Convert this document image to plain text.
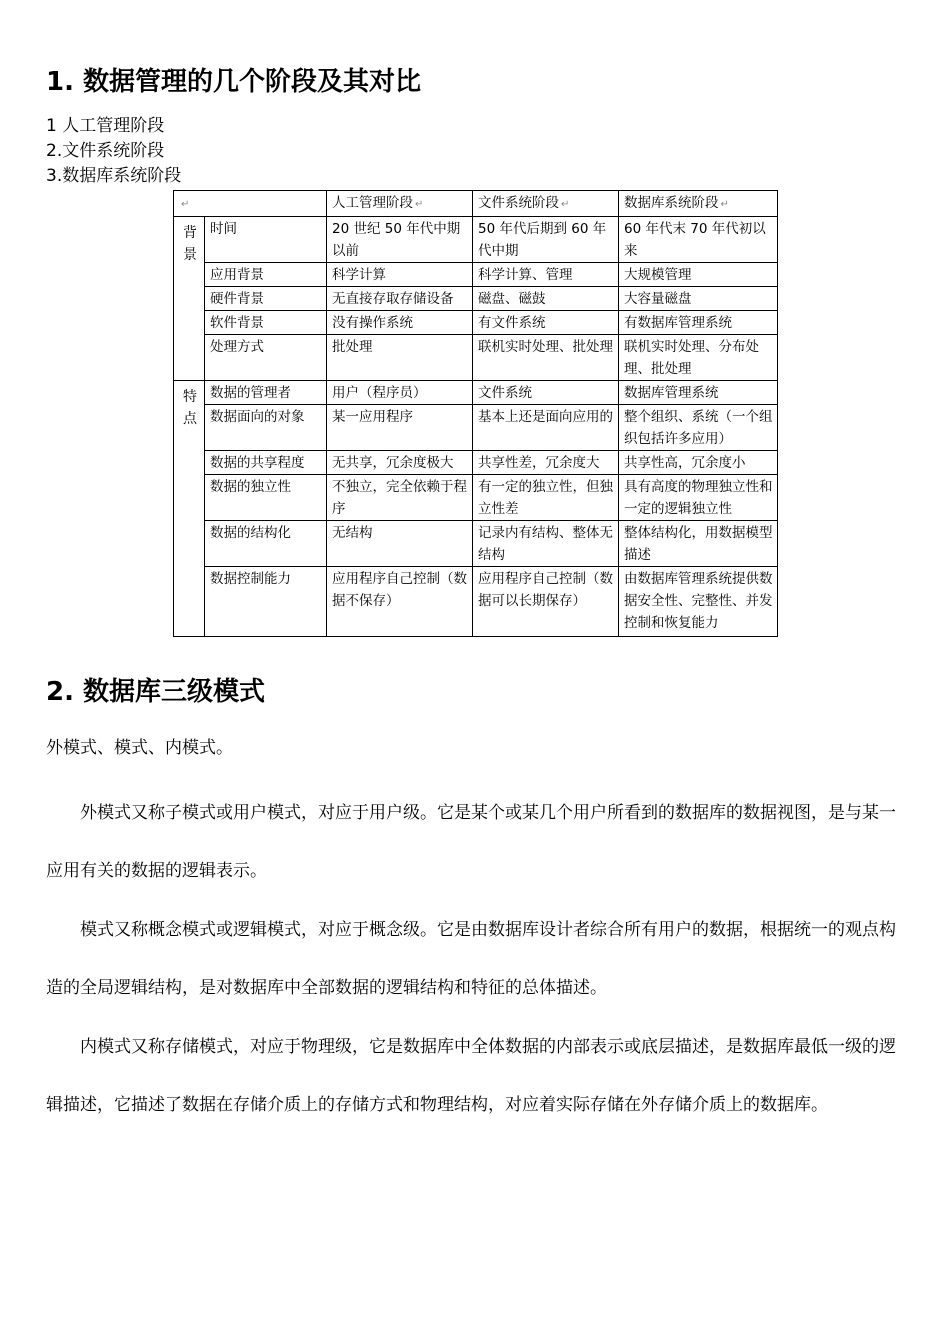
1. 数据管理的几个阶段及其对比
1 人工管理阶段
2.文件系统阶段
3.数据库系统阶段
↵		人工管理阶段 ↵	文件系统阶段 ↵	数据库系统阶段 ↵
背景	时间	20 世纪 50 年代中期以前	50 年代后期到 60 年代中期	60 年代末 70 年代初以来
	应用背景	科学计算	科学计算、管理	大规模管理
	硬件背景	无直接存取存储设备	磁盘、磁鼓	大容量磁盘
	软件背景	没有操作系统	有文件系统	有数据库管理系统
	处理方式	批处理	联机实时处理、批处理	联机实时处理、分布处理、批处理
特点	数据的管理者	用户（程序员）	文件系统	数据库管理系统
	数据面向的对象	某一应用程序	基本上还是面向应用的	整个组织、系统（一个组织包括许多应用）
	数据的共享程度	无共享，冗余度极大	共享性差，冗余度大	共享性高，冗余度小
	数据的独立性	不独立，完全依赖于程序	有一定的独立性，但独立性差	具有高度的物理独立性和一定的逻辑独立性
	数据的结构化	无结构	记录内有结构、整体无结构	整体结构化，用数据模型描述
	数据控制能力	应用程序自己控制（数据不保存）	应用程序自己控制（数据可以长期保存）	由数据库管理系统提供数据安全性、完整性、并发控制和恢复能力
2. 数据库三级模式
外模式、模式、内模式。

外模式又称子模式或用户模式，对应于用户级。它是某个或某几个用户所看到的数据库的数据视图，是与某一应用有关的数据的逻辑表示。

模式又称概念模式或逻辑模式，对应于概念级。它是由数据库设计者综合所有用户的数据，根据统一的观点构造的全局逻辑结构，是对数据库中全部数据的逻辑结构和特征的总体描述。

内模式又称存储模式，对应于物理级，它是数据库中全体数据的内部表示或底层描述，是数据库最低一级的逻辑描述，它描述了数据在存储介质上的存储方式和物理结构，对应着实际存储在外存储介质上的数据库。
